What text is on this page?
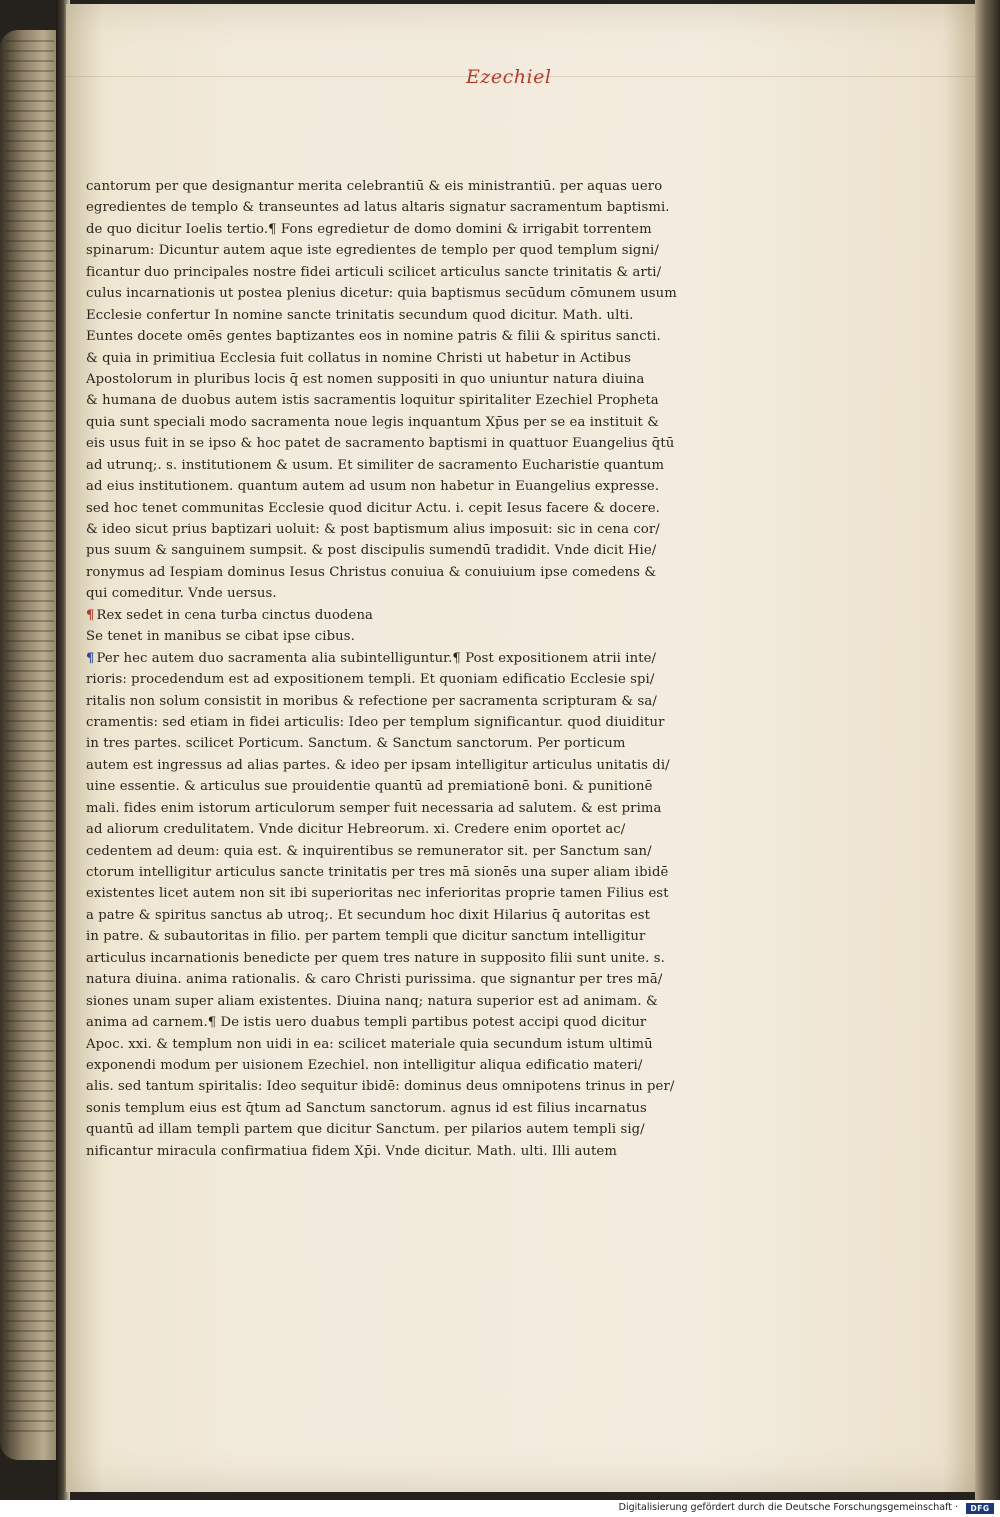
Ezechiel
cantorum per que designantur merita celebrantiū & eis ministrantiū. per aquas uero
egredientes de templo & transeuntes ad latus altaris signatur sacramentum baptismi.
de quo dicitur Ioelis tertio.¶ Fons egredietur de domo domini & irrigabit torrentem
spinarum: Dicuntur autem aque iste egredientes de templo per quod templum signi/
ficantur duo principales nostre fidei articuli scilicet articulus sancte trinitatis & arti/
culus incarnationis ut postea plenius dicetur: quia baptismus secūdum cōmunem usum
Ecclesie confertur In nomine sancte trinitatis secundum quod dicitur. Math. ulti.
Euntes docete omēs gentes baptizantes eos in nomine patris & filii & spiritus sancti.
& quia in primitiua Ecclesia fuit collatus in nomine Christi ut habetur in Actibus
Apostolorum in pluribus locis q̄ est nomen suppositi in quo uniuntur natura diuina
& humana de duobus autem istis sacramentis loquitur spiritaliter Ezechiel Propheta
quia sunt speciali modo sacramenta noue legis inquantum Xp̄us per se ea instituit &
eis usus fuit in se ipso & hoc patet de sacramento baptismi in quattuor Euangelius q̄tū
ad utrunq;. s. institutionem & usum. Et similiter de sacramento Eucharistie quantum
ad eius institutionem. quantum autem ad usum non habetur in Euangelius expresse.
sed hoc tenet communitas Ecclesie quod dicitur Actu. i. cepit Iesus facere & docere.
& ideo sicut prius baptizari uoluit: & post baptismum alius imposuit: sic in cena cor/
pus suum & sanguinem sumpsit. & post discipulis sumendū tradidit. Vnde dicit Hie/
ronymus ad Iespiam dominus Iesus Christus conuiua & conuiuium ipse comedens &
qui comeditur. Vnde uersus.
¶ Rex sedet in cena turba cinctus duodena
Se tenet in manibus se cibat ipse cibus.
¶ Per hec autem duo sacramenta alia subintelliguntur.¶ Post expositionem atrii inte/
rioris: procedendum est ad expositionem templi. Et quoniam edificatio Ecclesie spi/
ritalis non solum consistit in moribus & refectione per sacramenta scripturam & sa/
cramentis: sed etiam in fidei articulis: Ideo per templum significantur. quod diuiditur
in tres partes. scilicet Porticum. Sanctum. & Sanctum sanctorum. Per porticum
autem est ingressus ad alias partes. & ideo per ipsam intelligitur articulus unitatis di/
uine essentie. & articulus sue prouidentie quantū ad premiationē boni. & punitionē
mali. fides enim istorum articulorum semper fuit necessaria ad salutem. & est prima
ad aliorum credulitatem. Vnde dicitur Hebreorum. xi. Credere enim oportet ac/
cedentem ad deum: quia est. & inquirentibus se remunerator sit. per Sanctum san/
ctorum intelligitur articulus sancte trinitatis per tres mā sionēs una super aliam ibidē
existentes licet autem non sit ibi superioritas nec inferioritas proprie tamen Filius est
a patre & spiritus sanctus ab utroq;. Et secundum hoc dixit Hilarius q̄ autoritas est
in patre. & subautoritas in filio. per partem templi que dicitur sanctum intelligitur
articulus incarnationis benedicte per quem tres nature in supposito filii sunt unite. s.
natura diuina. anima rationalis. & caro Christi purissima. que signantur per tres mā/
siones unam super aliam existentes. Diuina nanq; natura superior est ad animam. &
anima ad carnem.¶ De istis uero duabus templi partibus potest accipi quod dicitur
Apoc. xxi. & templum non uidi in ea: scilicet materiale quia secundum istum ultimū
exponendi modum per uisionem Ezechiel. non intelligitur aliqua edificatio materi/
alis. sed tantum spiritalis: Ideo sequitur ibidē: dominus deus omnipotens trinus in per/
sonis templum eius est q̄tum ad Sanctum sanctorum. agnus id est filius incarnatus
quantū ad illam templi partem que dicitur Sanctum. per pilarios autem templi sig/
nificantur miracula confirmatiua fidem Xp̄i. Vnde dicitur. Math. ulti. Illi autem
Digitalisierung gefördert durch die Deutsche Forschungsgemeinschaft ·	DFG
